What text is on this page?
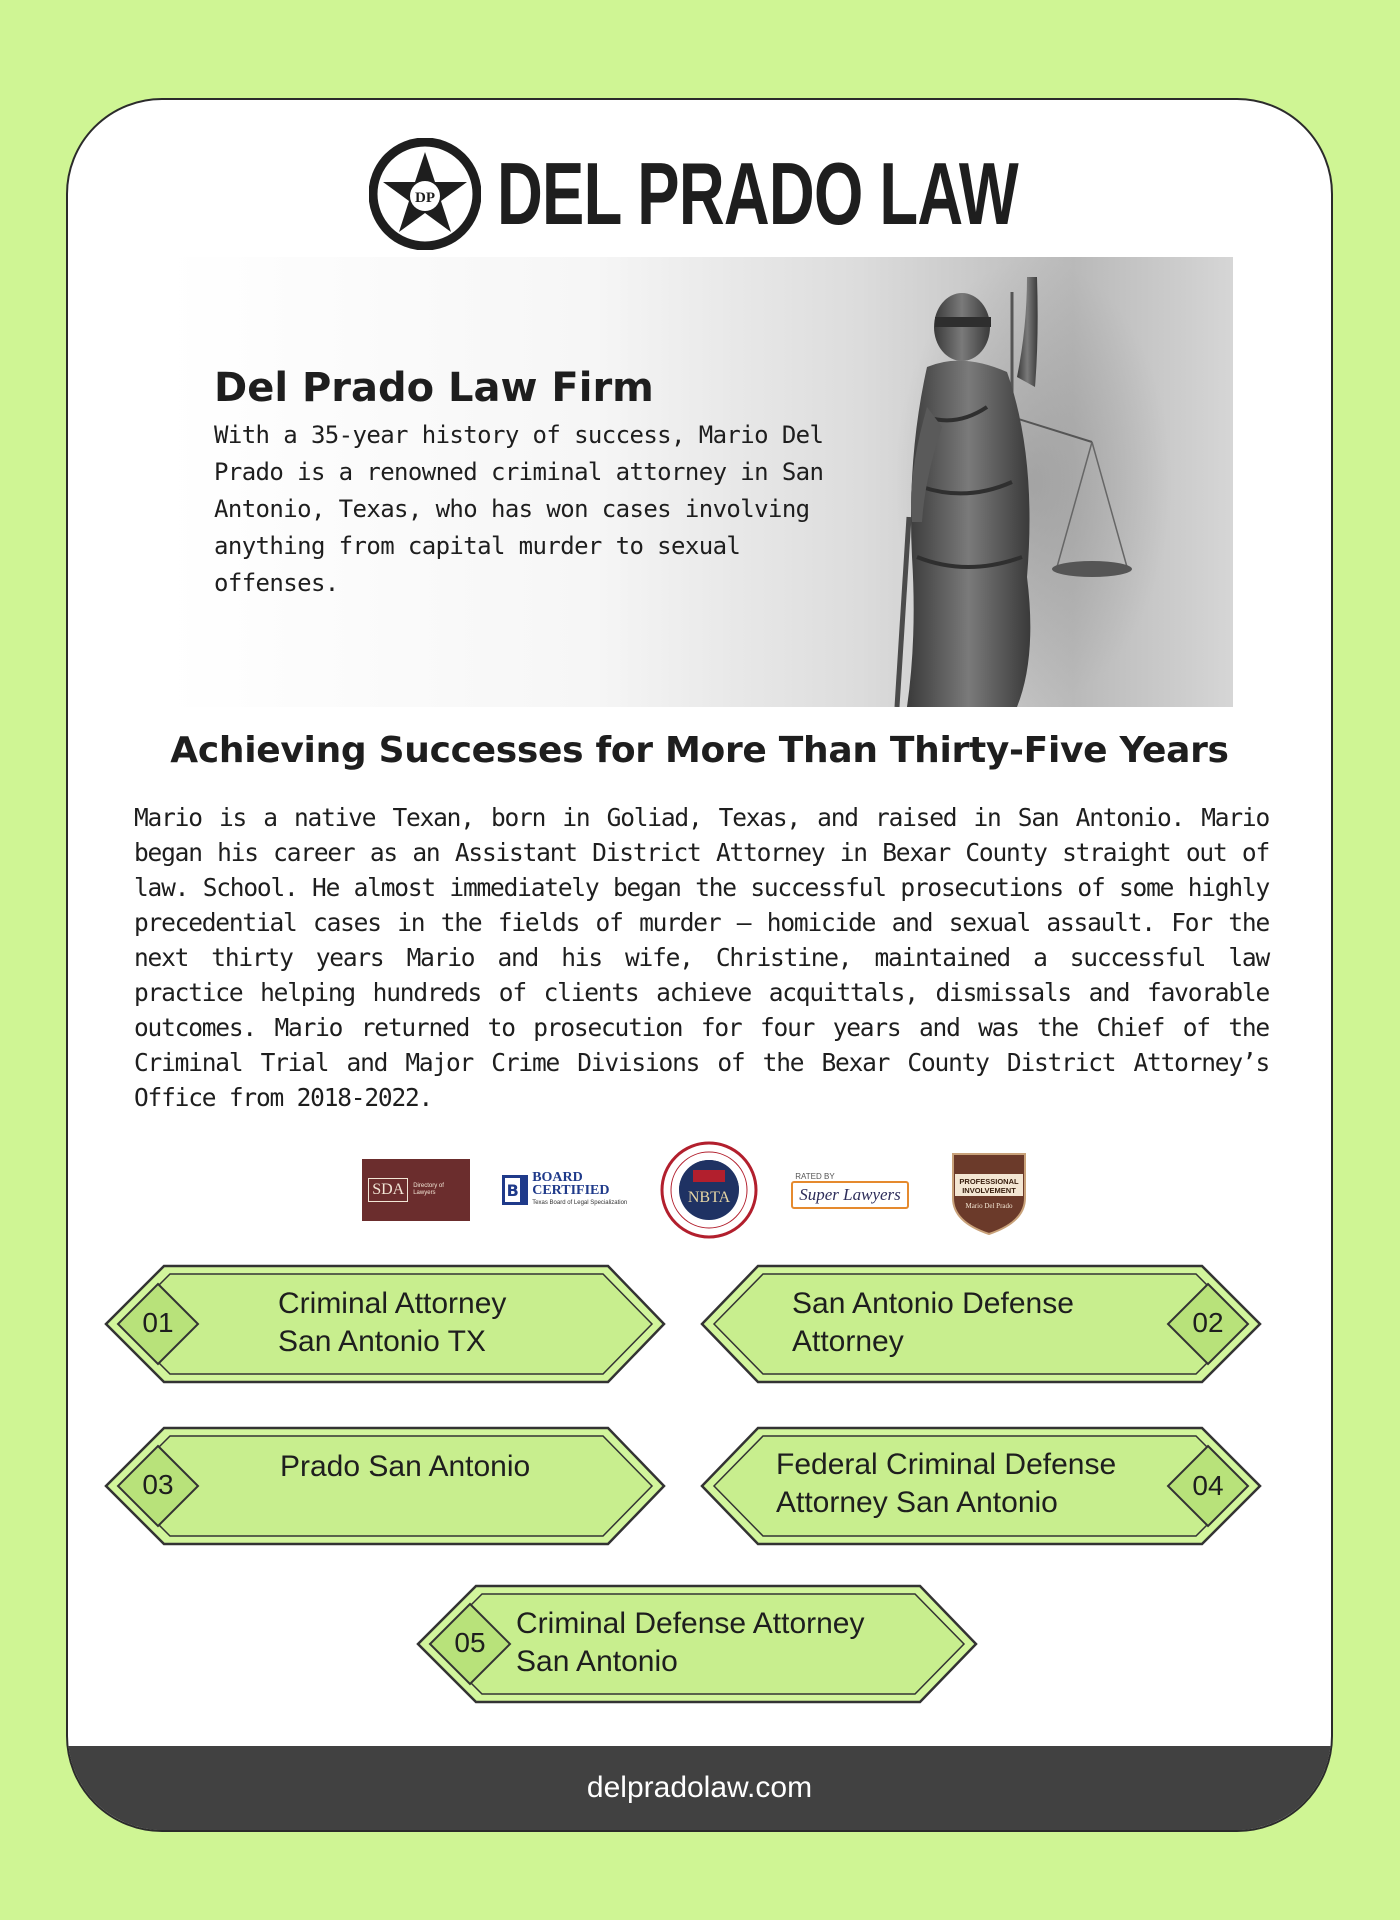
DP DEL PRADO LAW
Del Prado Law Firm
With a 35-year history of success, Mario Del Prado is a renowned criminal attorney in San Antonio, Texas, who has won cases involving anything from capital murder to sexual offenses.
Achieving Successes for More Than Thirty-Five Years
Mario is a native Texan, born in Goliad, Texas, and raised in San Antonio. Mario began his career as an Assistant District Attorney in Bexar County straight out of law. School. He almost immediately began the successful prosecutions of some highly precedential cases in the fields of murder – homicide and sexual assault. For the next thirty years Mario and his wife, Christine, maintained a successful law practice helping hundreds of clients achieve acquittals, dismissals and favorable outcomes. Mario returned to prosecution for four years and was the Chief of the Criminal Trial and Major Crime Divisions of the Bexar County District Attorney’s Office from 2018-2022.
SDA	Directory of Lawyers	B
BOARD
CERTIFIED
Texas Board of Legal Specialization	NBTA
RATED BY
Super Lawyers
PROFESSIONAL
INVOLVEMENT
Mario Del Prado
01
Criminal Attorney
San Antonio TX
02
San Antonio Defense
Attorney
03
Prado San Antonio
04
Federal Criminal Defense
Attorney San Antonio
05
Criminal Defense Attorney
San Antonio
delpradolaw.com
